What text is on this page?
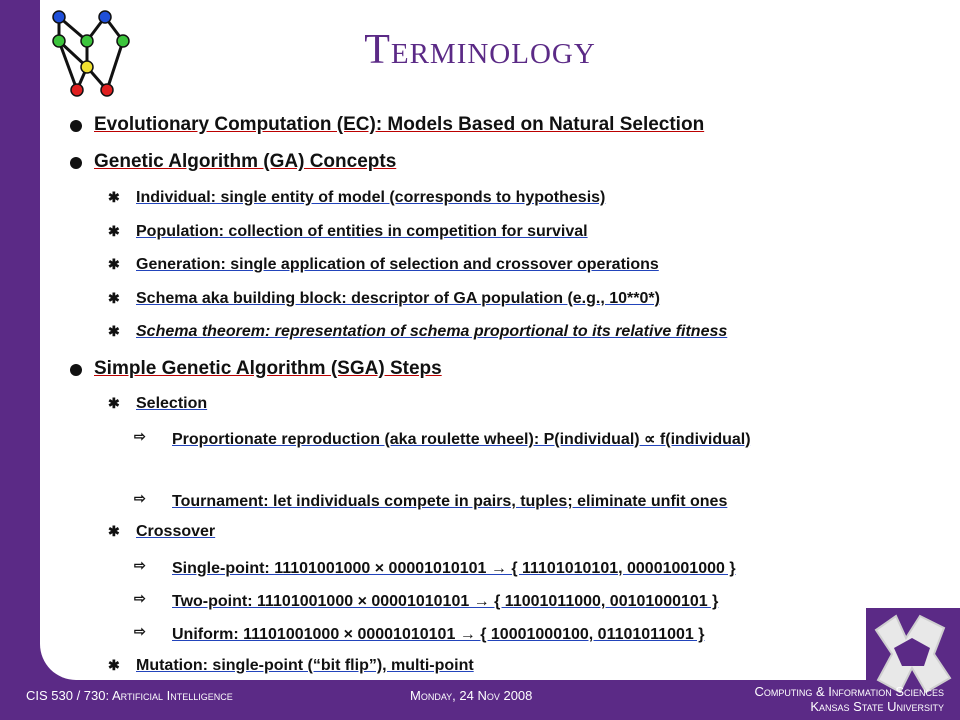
Terminology
Evolutionary Computation (EC): Models Based on Natural Selection
Genetic Algorithm (GA) Concepts
✱ Individual: single entity of model (corresponds to hypothesis)
✱ Population: collection of entities in competition for survival
✱ Generation: single application of selection and crossover operations
✱ Schema aka building block: descriptor of GA population (e.g., 10**0*)
✱ Schema theorem: representation of schema proportional to its relative fitness
Simple Genetic Algorithm (SGA) Steps
✱ Selection
⇨ Proportionate reproduction (aka roulette wheel): P(individual) ∝ f(individual)
⇨ Tournament: let individuals compete in pairs, tuples; eliminate unfit ones
✱ Crossover
⇨ Single-point: 11101001000 × 00001010101 → { 11101010101, 00001001000 }
⇨ Two-point: 11101001000 × 00001010101 → { 11001011000, 00101000101 }
⇨ Uniform: 11101001000 × 00001010101 → { 10001000100, 01101011001 }
✱ Mutation: single-point (“bit flip”), multi-point
CIS 530 / 730: Artificial Intelligence	Monday, 24 Nov 2008	Computing & Information Sciences
Kansas State University
